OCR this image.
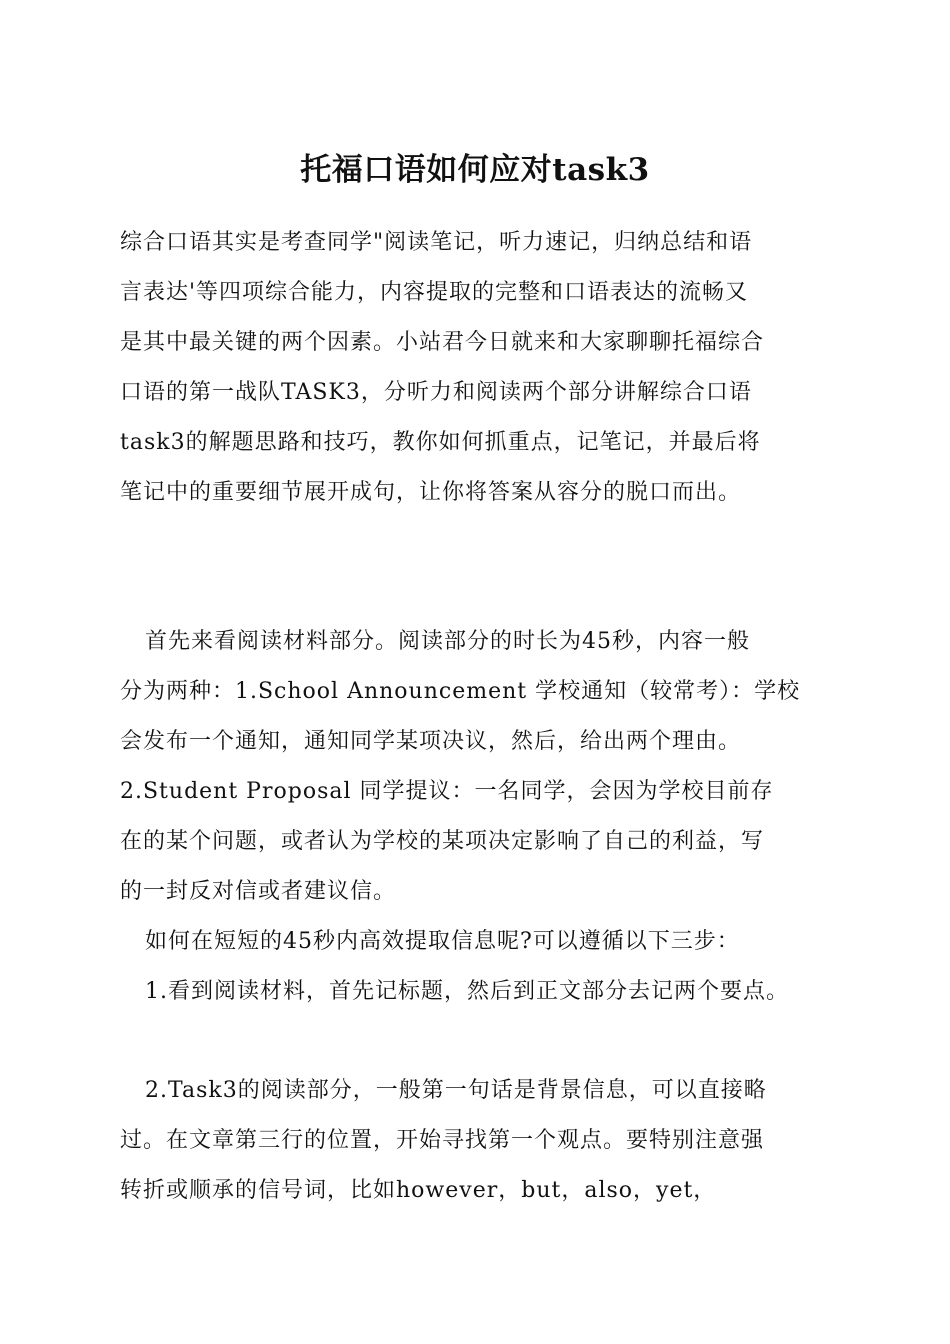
托福口语如何应对task3
综合口语其实是考查同学"阅读笔记，听力速记，归纳总结和语
言表达'等四项综合能力，内容提取的完整和口语表达的流畅又
是其中最关键的两个因素。小站君今日就来和大家聊聊托福综合
口语的第一战队TASK3，分听力和阅读两个部分讲解综合口语
task3的解题思路和技巧，教你如何抓重点，记笔记，并最后将
笔记中的重要细节展开成句，让你将答案从容分的脱口而出。
首先来看阅读材料部分。阅读部分的时长为45秒，内容一般
分为两种：1.School Announcement 学校通知（较常考）：学校
会发布一个通知，通知同学某项决议，然后，给出两个理由。
2.Student Proposal 同学提议：一名同学，会因为学校目前存
在的某个问题，或者认为学校的某项决定影响了自己的利益，写
的一封反对信或者建议信。
如何在短短的45秒内高效提取信息呢?可以遵循以下三步：
1.看到阅读材料，首先记标题，然后到正文部分去记两个要点。
2.Task3的阅读部分，一般第一句话是背景信息，可以直接略
过。在文章第三行的位置，开始寻找第一个观点。要特别注意强
转折或顺承的信号词，比如however，but，also，yet，
